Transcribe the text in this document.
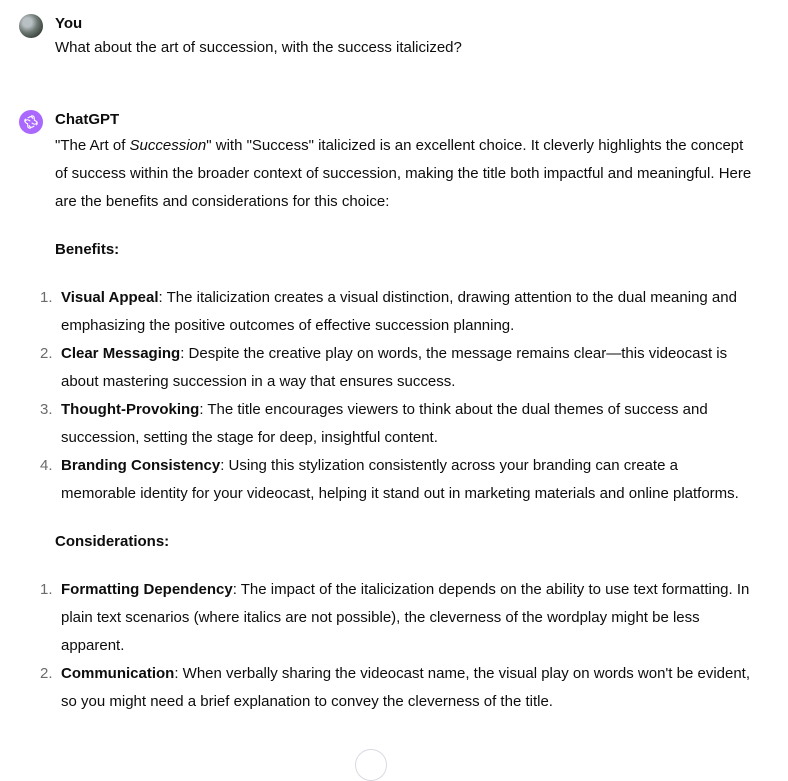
You
What about the art of succession, with the success italicized?
ChatGPT

"The Art of Succession" with "Success" italicized is an excellent choice. It cleverly highlights the concept of success within the broader context of succession, making the title both impactful and meaningful. Here are the benefits and considerations for this choice:

Benefits:

1. Visual Appeal: The italicization creates a visual distinction, drawing attention to the dual meaning and emphasizing the positive outcomes of effective succession planning.
2. Clear Messaging: Despite the creative play on words, the message remains clear—this videocast is about mastering succession in a way that ensures success.
3. Thought-Provoking: The title encourages viewers to think about the dual themes of success and succession, setting the stage for deep, insightful content.
4. Branding Consistency: Using this stylization consistently across your branding can create a memorable identity for your videocast, helping it stand out in marketing materials and online platforms.

Considerations:

1. Formatting Dependency: The impact of the italicization depends on the ability to use text formatting. In plain text scenarios (where italics are not possible), the cleverness of the wordplay might be less apparent.
2. Communication: When verbally sharing the videocast name, the visual play on words won't be evident, so you might need a brief explanation to convey the cleverness of the title.
